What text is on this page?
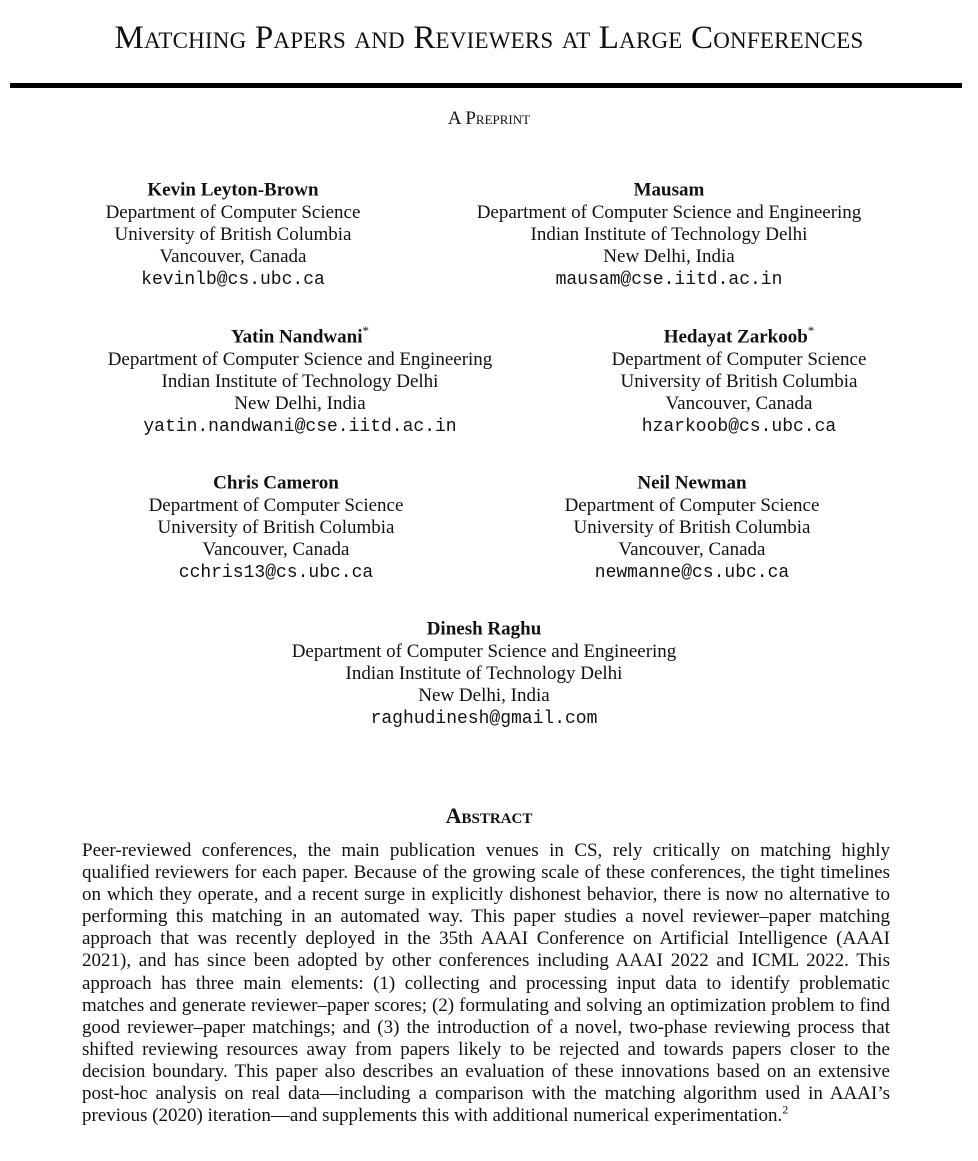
Matching Papers and Reviewers at Large Conferences
A Preprint
Kevin Leyton-Brown
Department of Computer Science
University of British Columbia
Vancouver, Canada
kevinlb@cs.ubc.ca
Mausam
Department of Computer Science and Engineering
Indian Institute of Technology Delhi
New Delhi, India
mausam@cse.iitd.ac.in
Yatin Nandwani*
Department of Computer Science and Engineering
Indian Institute of Technology Delhi
New Delhi, India
yatin.nandwani@cse.iitd.ac.in
Hedayat Zarkoob*
Department of Computer Science
University of British Columbia
Vancouver, Canada
hzarkoob@cs.ubc.ca
Chris Cameron
Department of Computer Science
University of British Columbia
Vancouver, Canada
cchris13@cs.ubc.ca
Neil Newman
Department of Computer Science
University of British Columbia
Vancouver, Canada
newmanne@cs.ubc.ca
Dinesh Raghu
Department of Computer Science and Engineering
Indian Institute of Technology Delhi
New Delhi, India
raghudinesh@gmail.com
Abstract
Peer-reviewed conferences, the main publication venues in CS, rely critically on matching highly qualified reviewers for each paper. Because of the growing scale of these conferences, the tight timelines on which they operate, and a recent surge in explicitly dishonest behavior, there is now no alternative to performing this matching in an automated way. This paper studies a novel reviewer–paper matching approach that was recently deployed in the 35th AAAI Conference on Artificial Intelligence (AAAI 2021), and has since been adopted by other conferences including AAAI 2022 and ICML 2022. This approach has three main elements: (1) collecting and processing input data to identify problematic matches and generate reviewer–paper scores; (2) formulating and solving an optimization problem to find good reviewer–paper matchings; and (3) the introduction of a novel, two-phase reviewing process that shifted reviewing resources away from papers likely to be rejected and towards papers closer to the decision boundary. This paper also describes an evaluation of these innovations based on an extensive post-hoc analysis on real data—including a comparison with the matching algorithm used in AAAI’s previous (2020) iteration—and supplements this with additional numerical experimentation.$^2$
